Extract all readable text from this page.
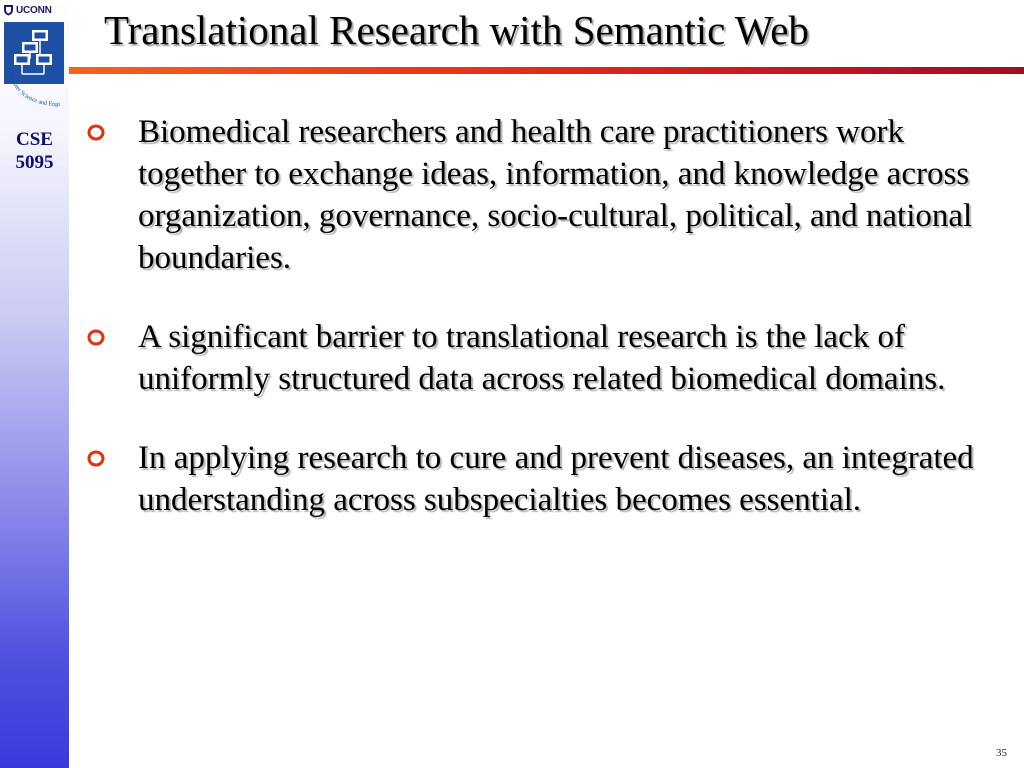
UCONN
Computer Science and Engi
CSE
5095
Translational Research with Semantic Web
Biomedical researchers and health care practitioners work together to exchange ideas, information, and knowledge across organization, governance, socio-cultural, political, and national boundaries.
A significant barrier to translational research is the lack of uniformly structured data across related biomedical domains.
In applying research to cure and prevent diseases, an integrated understanding across subspecialties becomes essential.
35
